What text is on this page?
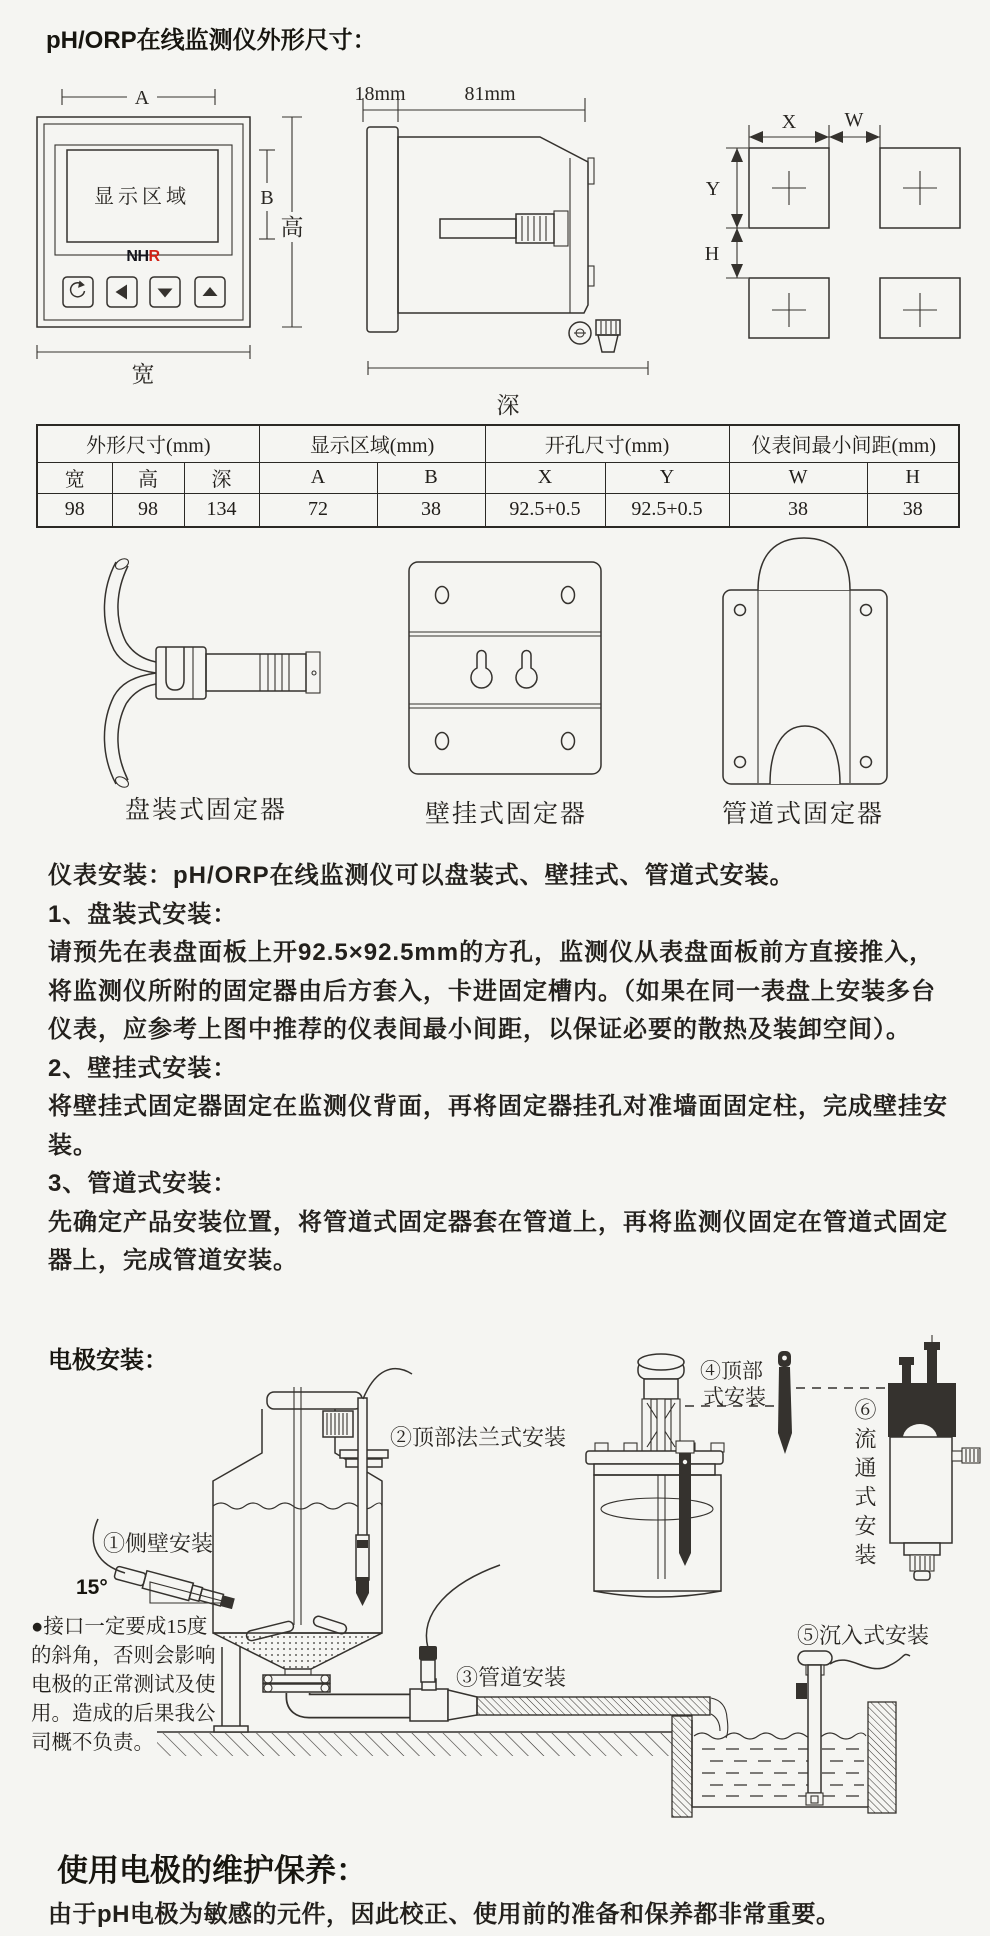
pH/ORP在线监测仪外形尺寸：
A
显示区域
NHR
B
高
宽
18mm	81mm
深
X W
Y
H
外形尺寸(mm)			显示区域(mm)		开孔尺寸(mm)		仪表间最小间距(mm)	
宽	高	深	A	B	X	Y	W	H
98	98	134	72	38	92.5+0.5	92.5+0.5	38	38
盘装式固定器	壁挂式固定器	管道式固定器
仪表安装：pH/ORP在线监测仪可以盘装式、壁挂式、管道式安装。
1、盘装式安装：
请预先在表盘面板上开92.5×92.5mm的方孔，监测仪从表盘面板前方直接推入，
将监测仪所附的固定器由后方套入，卡进固定槽内。（如果在同一表盘上安装多台
仪表，应参考上图中推荐的仪表间最小间距，以保证必要的散热及装卸空间）。
2、壁挂式安装：
将壁挂式固定器固定在监测仪背面，再将固定器挂孔对准墙面固定柱，完成壁挂安
装。
3、管道式安装：
先确定产品安装位置，将管道式固定器套在管道上，再将监测仪固定在管道式固定
器上，完成管道安装。
电极安装：
①侧壁安装
15°
②顶部法兰式安装
④顶部
式安装
⑥流通式安装
⑤沉入式安装
③管道安装
●接口一定要成15度
的斜角，否则会影响
电极的正常测试及使
用。造成的后果我公
司概不负责。
使用电极的维护保养：
由于pH电极为敏感的元件，因此校正、使用前的准备和保养都非常重要。
